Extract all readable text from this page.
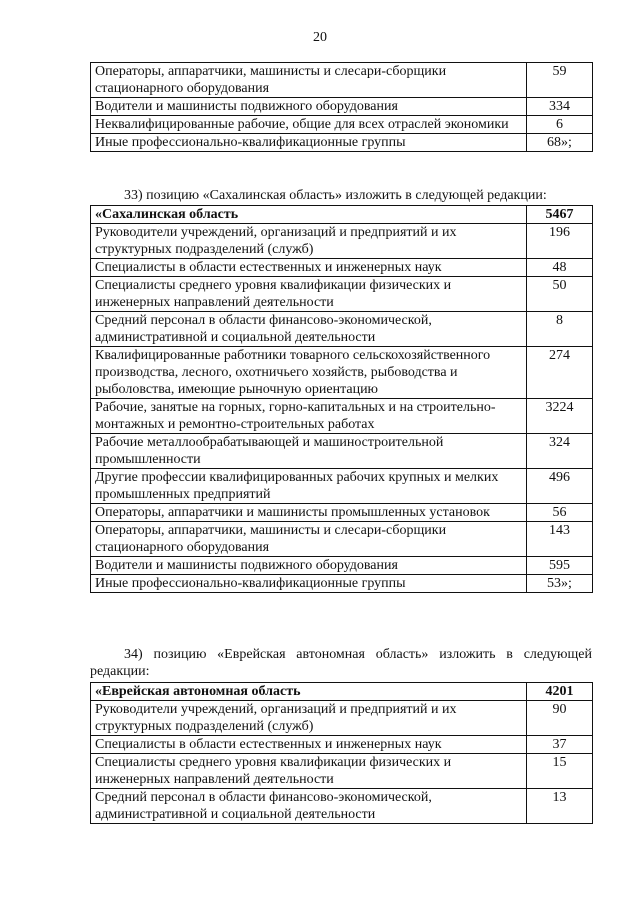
20
Операторы, аппаратчики, машинисты и слесари-сборщики стационарного оборудования	59
Водители и машинисты подвижного оборудования	334
Неквалифицированные рабочие, общие для всех отраслей экономики	6
Иные профессионально-квалификационные группы	68»;
33) позицию «Сахалинская область» изложить в следующей редакции:
«Сахалинская область	5467
Руководители учреждений, организаций и предприятий и их структурных подразделений (служб)	196
Специалисты в области естественных и инженерных наук	48
Специалисты среднего уровня квалификации физических и инженерных направлений деятельности	50
Средний персонал в области финансово-экономической, административной и социальной деятельности	8
Квалифицированные работники товарного сельскохозяйственного производства, лесного, охотничьего хозяйств, рыбоводства и рыболовства, имеющие рыночную ориентацию	274
Рабочие, занятые на горных, горно-капитальных и на строительно-монтажных и ремонтно-строительных работах	3224
Рабочие металлообрабатывающей и машиностроительной промышленности	324
Другие профессии квалифицированных рабочих крупных и мелких промышленных предприятий	496
Операторы, аппаратчики и машинисты промышленных установок	56
Операторы, аппаратчики, машинисты и слесари-сборщики стационарного оборудования	143
Водители и машинисты подвижного оборудования	595
Иные профессионально-квалификационные группы	53»;
34) позицию «Еврейская автономная область» изложить в следующей редакции:
«Еврейская автономная область	4201
Руководители учреждений, организаций и предприятий и их структурных подразделений (служб)	90
Специалисты в области естественных и инженерных наук	37
Специалисты среднего уровня квалификации физических и инженерных направлений деятельности	15
Средний персонал в области финансово-экономической, административной и социальной деятельности	13
